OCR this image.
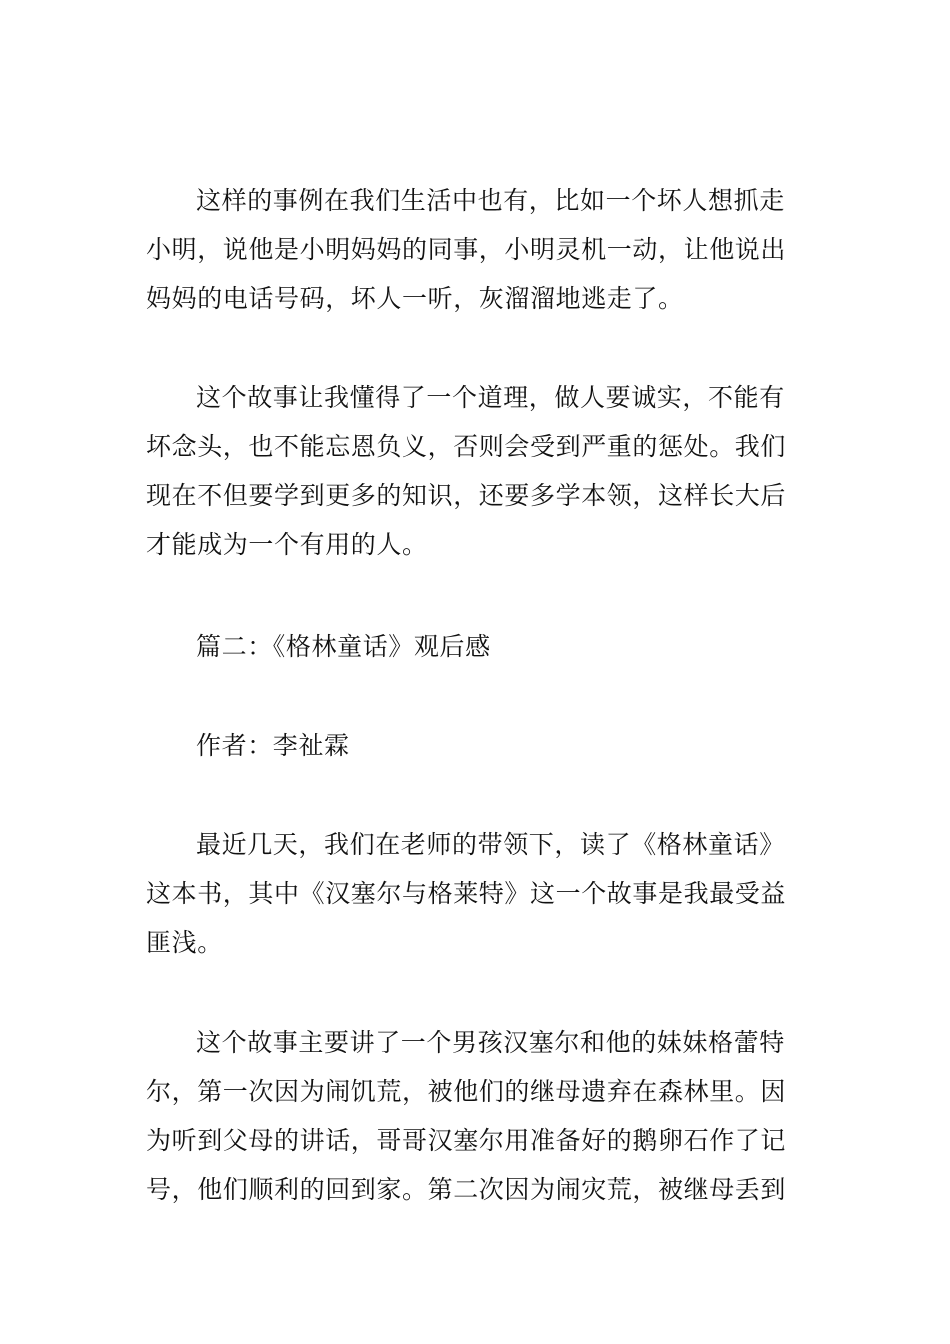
这样的事例在我们生活中也有，比如一个坏人想抓走
小明，说他是小明妈妈的同事，小明灵机一动，让他说出
妈妈的电话号码，坏人一听，灰溜溜地逃走了。

这个故事让我懂得了一个道理，做人要诚实，不能有
坏念头，也不能忘恩负义，否则会受到严重的惩处。我们
现在不但要学到更多的知识，还要多学本领，这样长大后
才能成为一个有用的人。

篇二：《格林童话》观后感

作者：李祉霖

最近几天，我们在老师的带领下，读了《格林童话》
这本书，其中《汉塞尔与格莱特》这一个故事是我最受益
匪浅。

这个故事主要讲了一个男孩汉塞尔和他的妹妹格蕾特
尔，第一次因为闹饥荒，被他们的继母遗弃在森林里。因
为听到父母的讲话，哥哥汉塞尔用准备好的鹅卵石作了记
号，他们顺利的回到家。第二次因为闹灾荒，被继母丢到
